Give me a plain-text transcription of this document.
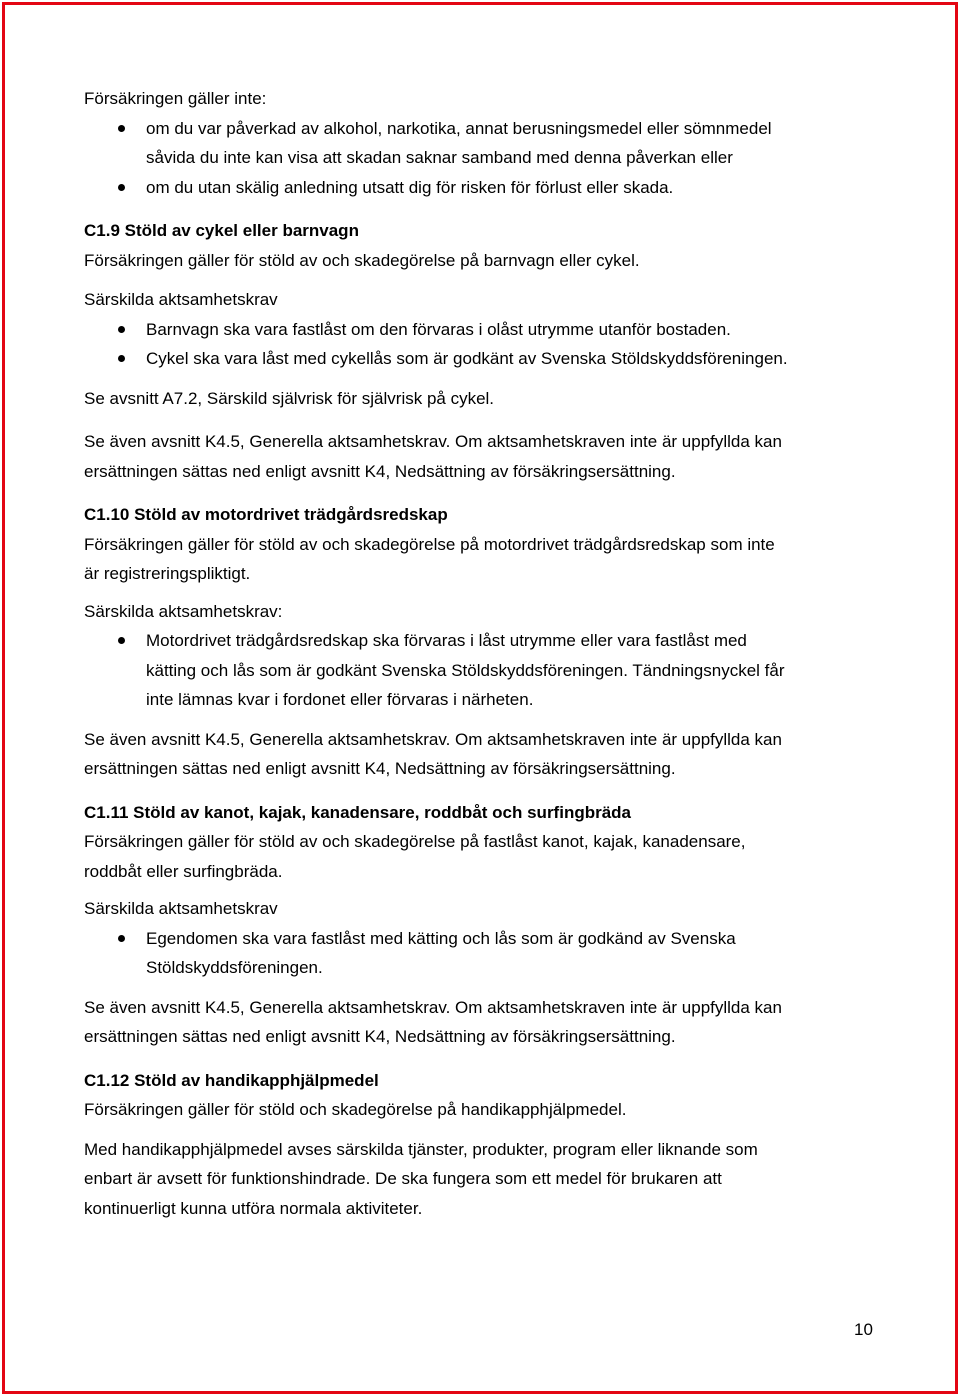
Försäkringen gäller inte:
om du var påverkad av alkohol, narkotika, annat berusningsmedel eller sömnmedel
såvida du inte kan visa att skadan saknar samband med denna påverkan eller
om du utan skälig anledning utsatt dig för risken för förlust eller skada.
C1.9 Stöld av cykel eller barnvagn
Försäkringen gäller för stöld av och skadegörelse på barnvagn eller cykel.
Särskilda aktsamhetskrav
Barnvagn ska vara fastlåst om den förvaras i olåst utrymme utanför bostaden.
Cykel ska vara låst med cykellås som är godkänt av Svenska Stöldskyddsföreningen.
Se avsnitt A7.2, Särskild självrisk för självrisk på cykel.
Se även avsnitt K4.5, Generella aktsamhetskrav. Om aktsamhetskraven inte är uppfyllda kan
ersättningen sättas ned enligt avsnitt K4, Nedsättning av försäkringsersättning.
C1.10 Stöld av motordrivet trädgårdsredskap
Försäkringen gäller för stöld av och skadegörelse på motordrivet trädgårdsredskap som inte
är registreringspliktigt.
Särskilda aktsamhetskrav:
Motordrivet trädgårdsredskap ska förvaras i låst utrymme eller vara fastlåst med
kätting och lås som är godkänt Svenska Stöldskyddsföreningen. Tändningsnyckel får
inte lämnas kvar i fordonet eller förvaras i närheten.
Se även avsnitt K4.5, Generella aktsamhetskrav. Om aktsamhetskraven inte är uppfyllda kan
ersättningen sättas ned enligt avsnitt K4, Nedsättning av försäkringsersättning.
C1.11 Stöld av kanot, kajak, kanadensare, roddbåt och surfingbräda
Försäkringen gäller för stöld av och skadegörelse på fastlåst kanot, kajak, kanadensare,
roddbåt eller surfingbräda.
Särskilda aktsamhetskrav
Egendomen ska vara fastlåst med kätting och lås som är godkänd av Svenska
Stöldskyddsföreningen.
Se även avsnitt K4.5, Generella aktsamhetskrav. Om aktsamhetskraven inte är uppfyllda kan
ersättningen sättas ned enligt avsnitt K4, Nedsättning av försäkringsersättning.
C1.12 Stöld av handikapphjälpmedel
Försäkringen gäller för stöld och skadegörelse på handikapphjälpmedel.
Med handikapphjälpmedel avses särskilda tjänster, produkter, program eller liknande som
enbart är avsett för funktionshindrade. De ska fungera som ett medel för brukaren att
kontinuerligt kunna utföra normala aktiviteter.
10
